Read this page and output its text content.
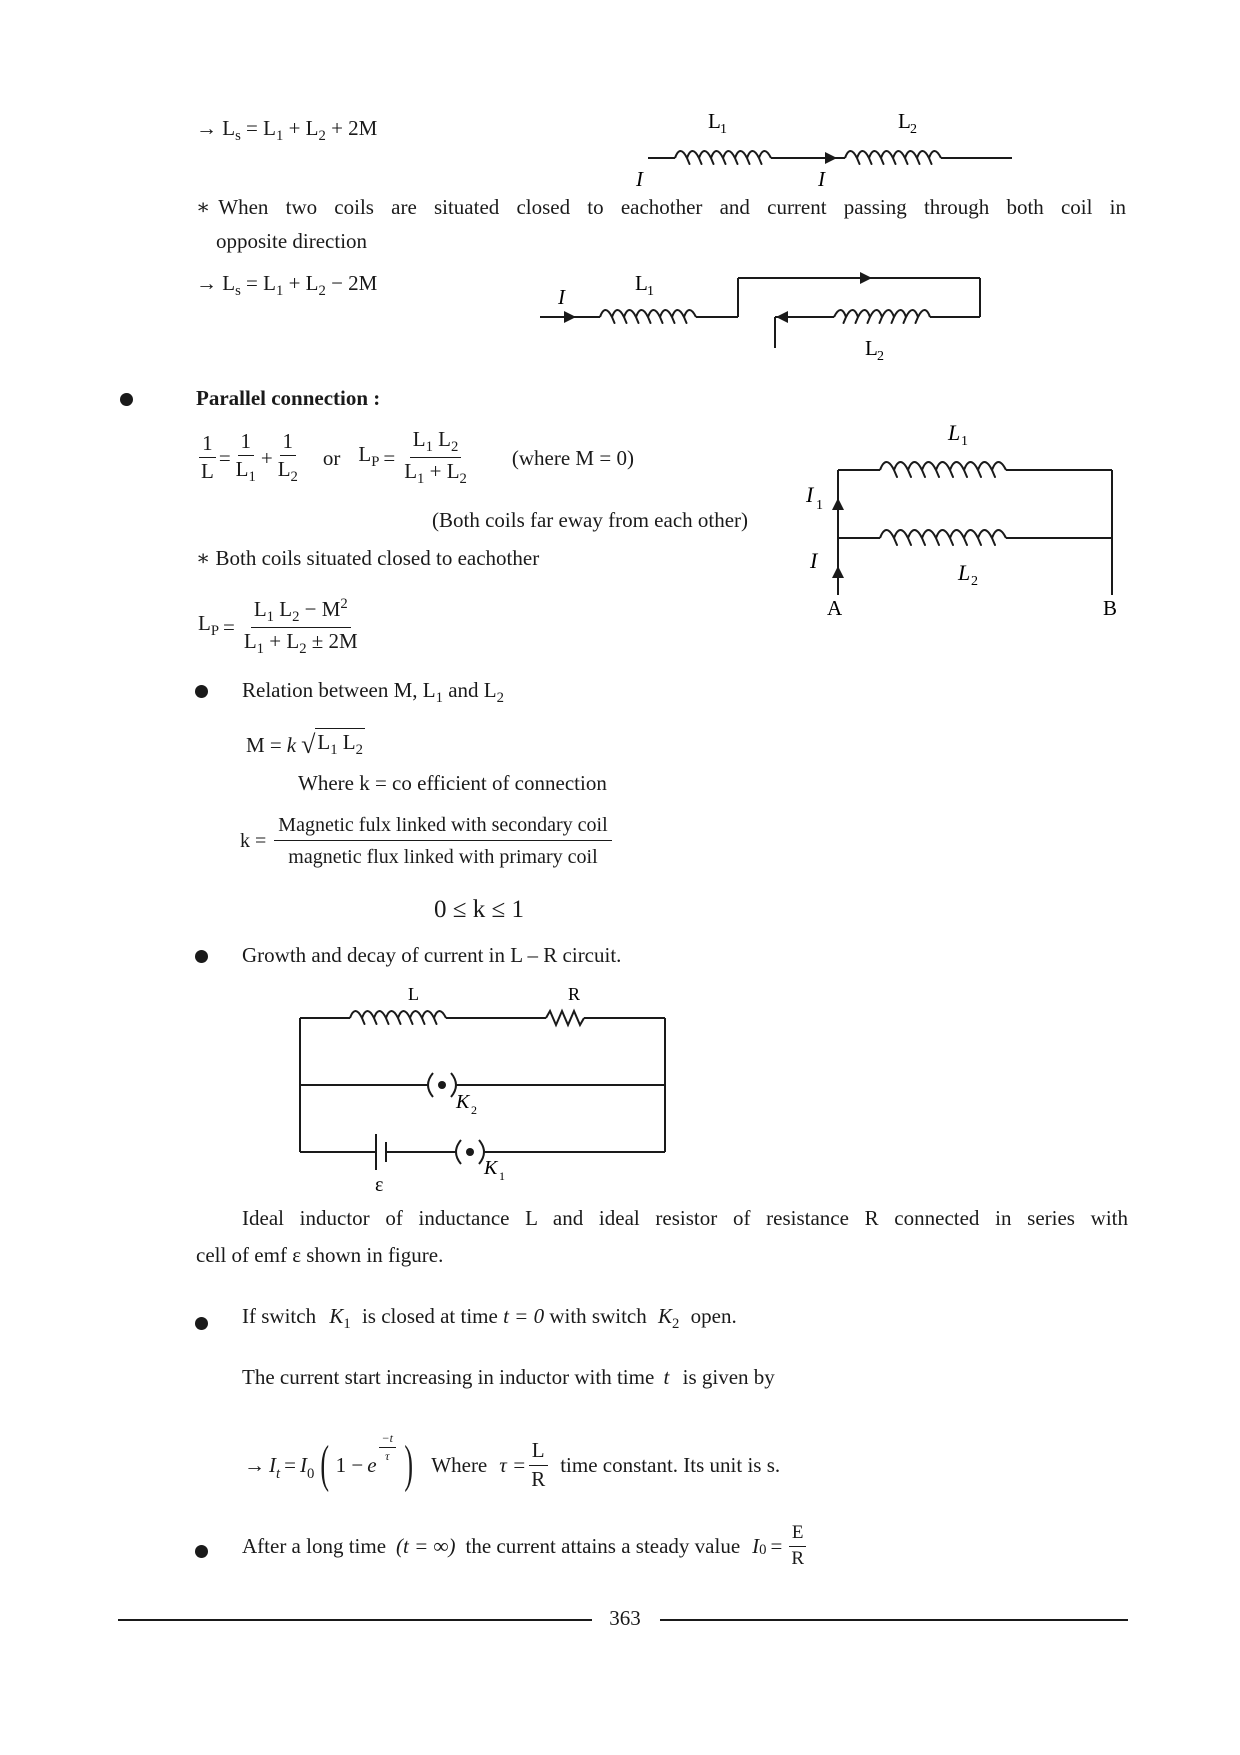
→ $L_s = L_1 + L_2 + 2M$	L 1	L 2
I	I
∗ When two coils are situated closed to eachother and current passing through both coil in
opposite direction
→ $L_s = L_1 + L_2 - 2M$
I
L 1
L 2
Parallel connection :
$\frac{1}{L} = \frac{1}{L_1} + \frac{1}{L_2}$ or $L_P = \frac{L_1 L_2}{L_1 + L_2}$ (where M = 0)
(Both coils far eway from each other)
∗ Both coils situated closed to eachother
$L_P = \frac{L_1 L_2 - M^2}{L_1 + L_2 \pm 2M}$
L 1
L 2
I 1
I
A	B
Relation between M, $L_1$ and $L_2$
M = k √ $L_1$ $L_2$
Where k = co efficient of connection
$k = \frac{\text{Magnetic fulx linked with secondary coil}}{\text{magnetic flux linked with primary coil}}$
0 ≤ k ≤ 1
Growth and decay of current in L – R circuit.
L	R
K 2
K 1
ε
Ideal inductor of inductance L and ideal resistor of resistance R connected in series with
cell of emf ε shown in figure.
If switch $K_1$ is closed at time t = 0 with switch $K_2$ open.
The current start increasing in inductor with time t is given by
→ $I_t = I_0$ ( 1 − e
$\frac{-t}{\tau}$ ) Where $\tau = \frac{L}{R}$ time constant. Its unit is s.
After a long time (t = ∞) the current attains a steady value I $0 = \frac{E}{R}$
363
